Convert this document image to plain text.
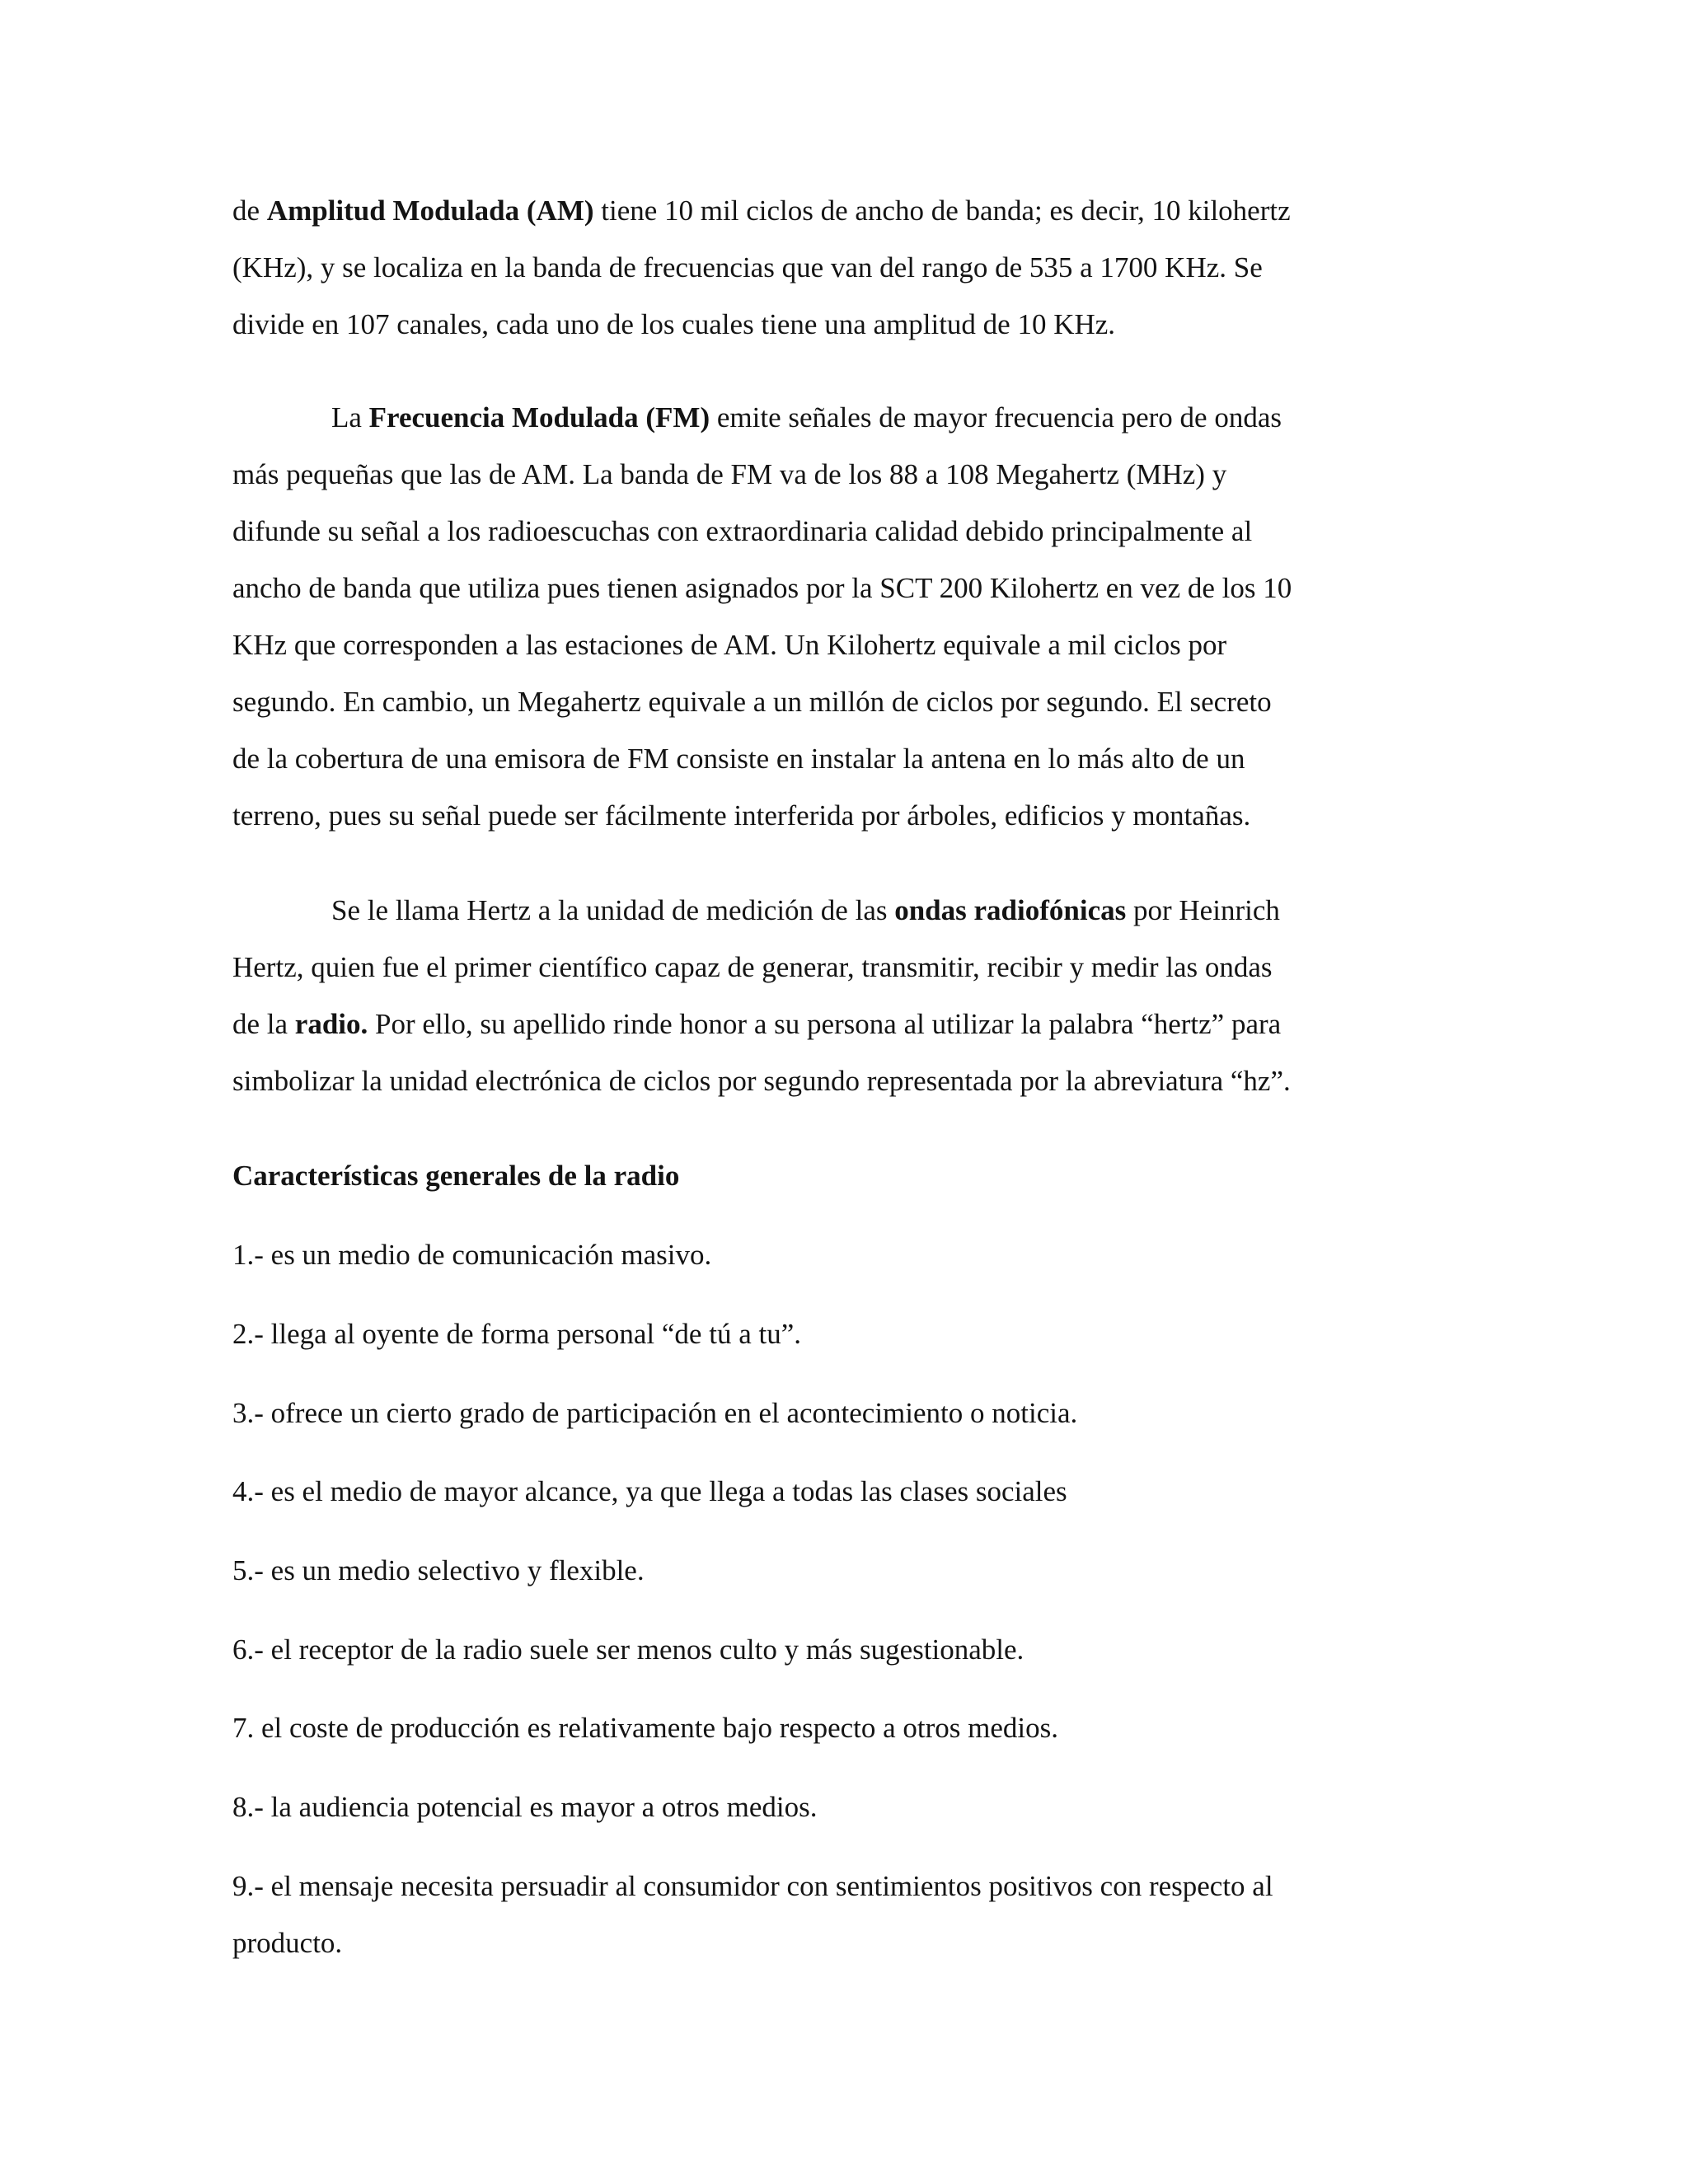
de Amplitud Modulada (AM) tiene 10 mil ciclos de ancho de banda; es decir, 10 kilohertz

(KHz), y se localiza en la banda de frecuencias que van del rango de 535 a 1700 KHz. Se

divide en 107 canales, cada uno de los cuales tiene una amplitud de 10 KHz.

La Frecuencia Modulada (FM) emite señales de mayor frecuencia pero de ondas

más pequeñas que las de AM. La banda de FM va de los 88 a 108 Megahertz (MHz) y

difunde su señal a los radioescuchas con extraordinaria calidad debido principalmente al

ancho de banda que utiliza pues tienen asignados por la SCT 200 Kilohertz en vez de los 10

KHz que corresponden a las estaciones de AM. Un Kilohertz equivale a mil ciclos por

segundo. En cambio, un Megahertz equivale a un millón de ciclos por segundo. El secreto

de la cobertura de una emisora de FM consiste en instalar la antena en lo más alto de un

terreno, pues su señal puede ser fácilmente interferida por árboles, edificios y montañas.

Se le llama Hertz a la unidad de medición de las ondas radiofónicas por Heinrich

Hertz, quien fue el primer científico capaz de generar, transmitir, recibir y medir las ondas

de la radio. Por ello, su apellido rinde honor a su persona al utilizar la palabra “hertz” para

simbolizar la unidad electrónica de ciclos por segundo representada por la abreviatura “hz”.

Características generales de la radio

1.- es un medio de comunicación masivo.

2.- llega al oyente de forma personal “de tú a tu”.

3.- ofrece un cierto grado de participación en el acontecimiento o noticia.

4.- es el medio de mayor alcance, ya que llega a todas las clases sociales

5.- es un medio selectivo y flexible.

6.- el receptor de la radio suele ser menos culto y más sugestionable.

7. el coste de producción es relativamente bajo respecto a otros medios.

8.- la audiencia potencial es mayor a otros medios.

9.- el mensaje necesita persuadir al consumidor con sentimientos positivos con respecto al

producto.
